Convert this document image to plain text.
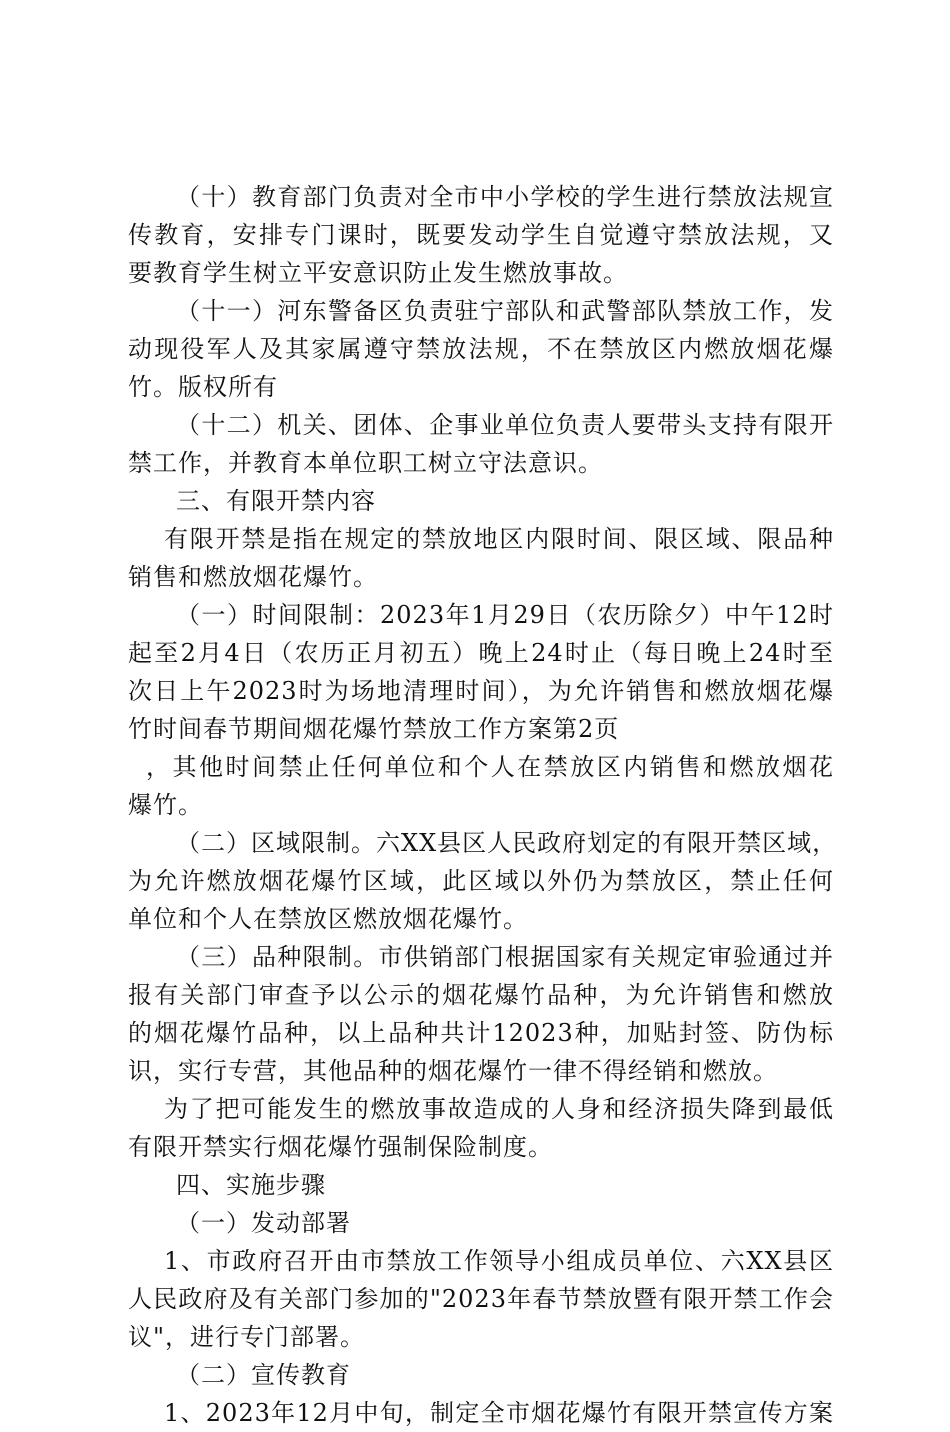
（十）教育部门负责对全市中小学校的学生进行禁放法规宣
传教育，安排专门课时，既要发动学生自觉遵守禁放法规，又
要教育学生树立平安意识防止发生燃放事故。
（十一）河东警备区负责驻宁部队和武警部队禁放工作，发
动现役军人及其家属遵守禁放法规，不在禁放区内燃放烟花爆
竹。版权所有
（十二）机关、团体、企事业单位负责人要带头支持有限开
禁工作，并教育本单位职工树立守法意识。
三、有限开禁内容
有限开禁是指在规定的禁放地区内限时间、限区域、限品种
销售和燃放烟花爆竹。
（一）时间限制：2023年1月29日（农历除夕）中午12时
起至2月4日（农历正月初五）晚上24时止（每日晚上24时至
次日上午2023时为场地清理时间），为允许销售和燃放烟花爆
竹时间春节期间烟花爆竹禁放工作方案第2页
，其他时间禁止任何单位和个人在禁放区内销售和燃放烟花
爆竹。
（二）区域限制。六XX县区人民政府划定的有限开禁区域，
为允许燃放烟花爆竹区域，此区域以外仍为禁放区，禁止任何
单位和个人在禁放区燃放烟花爆竹。
（三）品种限制。市供销部门根据国家有关规定审验通过并
报有关部门审查予以公示的烟花爆竹品种，为允许销售和燃放
的烟花爆竹品种，以上品种共计12023种，加贴封签、防伪标
识，实行专营，其他品种的烟花爆竹一律不得经销和燃放。
为了把可能发生的燃放事故造成的人身和经济损失降到最低
有限开禁实行烟花爆竹强制保险制度。
四、实施步骤
（一）发动部署
1、市政府召开由市禁放工作领导小组成员单位、六XX县区
人民政府及有关部门参加的"2023年春节禁放暨有限开禁工作会
议"，进行专门部署。
（二）宣传教育
1、2023年12月中旬，制定全市烟花爆竹有限开禁宣传方案
